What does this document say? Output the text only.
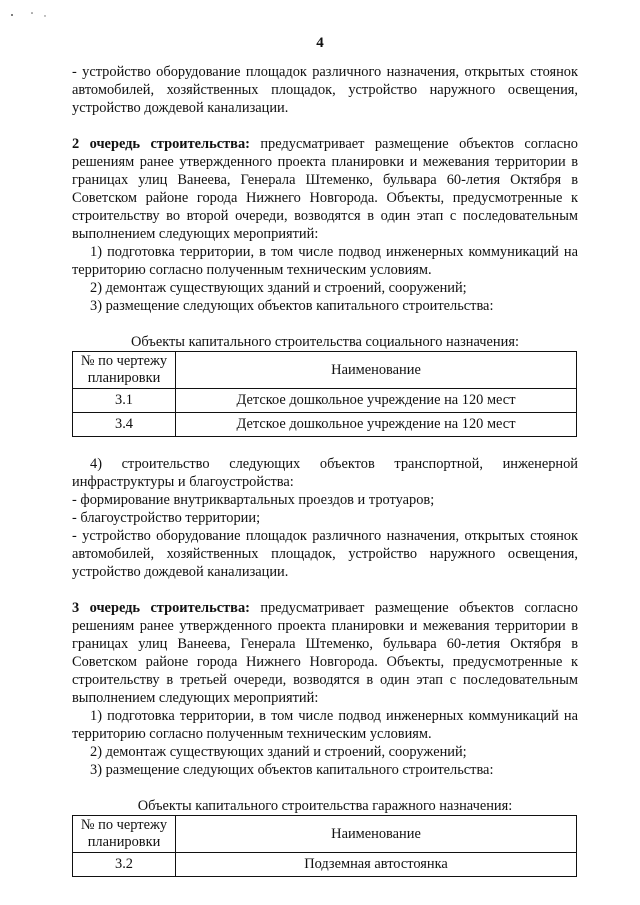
4

- устройство оборудование площадок различного назначения, открытых стоянок автомобилей, хозяйственных площадок, устройство наружного освещения, устройство дождевой канализации.

2 очередь строительства: предусматривает размещение объектов согласно решениям ранее утвержденного проекта планировки и межевания территории в границах улиц Ванеева, Генерала Штеменко, бульвара 60-летия Октября в Советском районе города Нижнего Новгорода. Объекты, предусмотренные к строительству во второй очереди, возводятся в один этап с последовательным выполнением следующих мероприятий:

1) подготовка территории, в том числе подвод инженерных коммуникаций на территорию согласно полученным техническим условиям.

2) демонтаж существующих зданий и строений, сооружений;

3) размещение следующих объектов капитального строительства:

Объекты капитального строительства социального назначения:

№ по чертежу планировки	Наименование
3.1	Детское дошкольное учреждение на 120 мест
3.4	Детское дошкольное учреждение на 120 мест

4) строительство следующих объектов транспортной, инженерной инфраструктуры и благоустройства:

- формирование внутриквартальных проездов и тротуаров;

- благоустройство территории;

- устройство оборудование площадок различного назначения, открытых стоянок автомобилей, хозяйственных площадок, устройство наружного освещения, устройство дождевой канализации.

3 очередь строительства: предусматривает размещение объектов согласно решениям ранее утвержденного проекта планировки и межевания территории в границах улиц Ванеева, Генерала Штеменко, бульвара 60-летия Октября в Советском районе города Нижнего Новгорода. Объекты, предусмотренные к строительству в третьей очереди, возводятся в один этап с последовательным выполнением следующих мероприятий:

1) подготовка территории, в том числе подвод инженерных коммуникаций на территорию согласно полученным техническим условиям.

2) демонтаж существующих зданий и строений, сооружений;

3) размещение следующих объектов капитального строительства:

Объекты капитального строительства гаражного назначения:

№ по чертежу планировки	Наименование
3.2	Подземная автостоянка
